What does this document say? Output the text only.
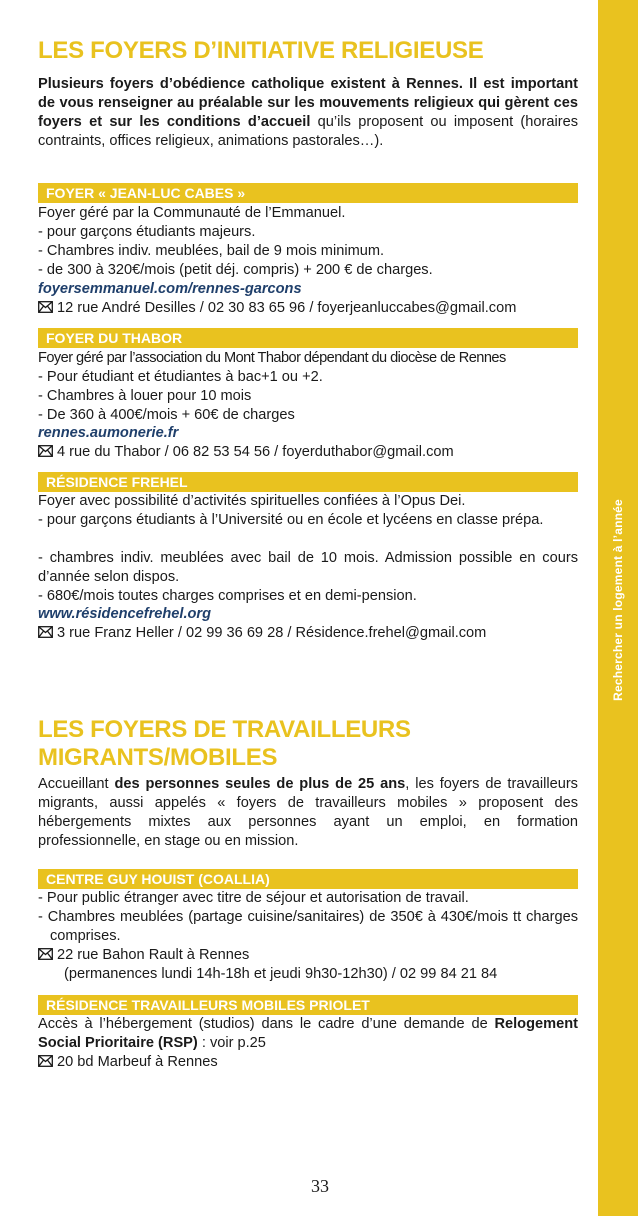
Rechercher un logement à l’année
LES FOYERS D’INITIATIVE RELIGIEUSE
Plusieurs foyers d’obédience catholique existent à Rennes. Il est important de vous renseigner au préalable sur les mouvements religieux qui gèrent ces foyers et sur les conditions d’accueil qu’ils proposent ou imposent (horaires contraints, offices religieux, animations pastorales…).
FOYER « JEAN-LUC CABES »
Foyer géré par la Communauté de l’Emmanuel.
- pour garçons étudiants majeurs.
- Chambres indiv. meublées, bail de 9 mois minimum.
- de 300 à 320€/mois (petit déj. compris) + 200 € de charges.
foyersemmanuel.com/rennes-garcons
12 rue André Desilles / 02 30 83 65 96 / foyerjeanluccabes@gmail.com
FOYER DU THABOR
Foyer géré par l’association du Mont Thabor dépendant du diocèse de Rennes
- Pour étudiant et étudiantes à bac+1 ou +2.
- Chambres à louer pour 10 mois
- De 360 à 400€/mois + 60€ de charges
rennes.aumonerie.fr
4 rue du Thabor / 06 82 53 54 56 / foyerduthabor@gmail.com
RÉSIDENCE FREHEL
Foyer avec possibilité d’activités spirituelles confiées à l’Opus Dei.
- pour garçons étudiants à l’Université ou en école et lycéens en classe prépa.
- chambres indiv. meublées avec bail de 10 mois. Admission possible en cours d’année selon dispos.
- 680€/mois toutes charges comprises et en demi-pension.
www.résidencefrehel.org
3 rue Franz Heller / 02 99 36 69 28 / Résidence.frehel@gmail.com
LES FOYERS DE TRAVAILLEURS
MIGRANTS/MOBILES
Accueillant des personnes seules de plus de 25 ans, les foyers de travailleurs migrants, aussi appelés « foyers de travailleurs mobiles » proposent des hébergements mixtes aux personnes ayant un emploi, en formation professionnelle, en stage ou en mission.
CENTRE GUY HOUIST (COALLIA)
- Pour public étranger avec titre de séjour et autorisation de travail.
- Chambres meublées (partage cuisine/sanitaires) de 350€ à 430€/mois tt charges comprises.
22 rue Bahon Rault à Rennes
(permanences lundi 14h-18h et jeudi 9h30-12h30) / 02 99 84 21 84
RÉSIDENCE TRAVAILLEURS MOBILES PRIOLET
Accès à l’hébergement (studios) dans le cadre d’une demande de Relogement Social Prioritaire (RSP) : voir p.25
20 bd Marbeuf à Rennes
33
